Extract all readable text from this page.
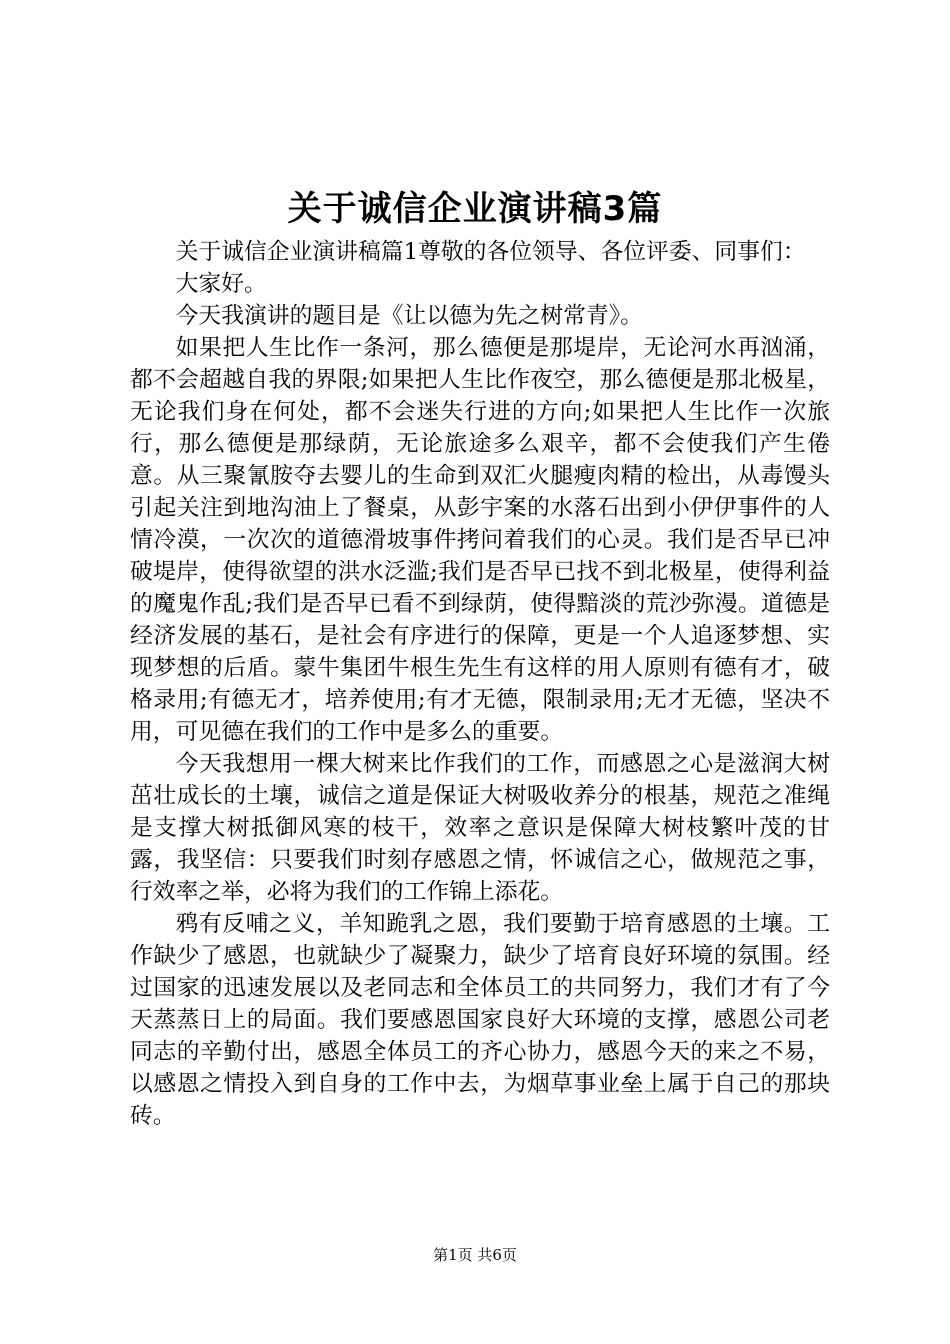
关于诚信企业演讲稿3篇

关于诚信企业演讲稿篇1尊敬的各位领导、各位评委、同事们：

大家好。

今天我演讲的题目是《让以德为先之树常青》。

如果把人生比作一条河，那么德便是那堤岸，无论河水再汹涌，都不会超越自我的界限;如果把人生比作夜空，那么德便是那北极星，无论我们身在何处，都不会迷失行进的方向;如果把人生比作一次旅行，那么德便是那绿荫，无论旅途多么艰辛，都不会使我们产生倦意。从三聚氰胺夺去婴儿的生命到双汇火腿瘦肉精的检出，从毒馒头引起关注到地沟油上了餐桌，从彭宇案的水落石出到小伊伊事件的人情冷漠，一次次的道德滑坡事件拷问着我们的心灵。我们是否早已冲破堤岸，使得欲望的洪水泛滥;我们是否早已找不到北极星，使得利益的魔鬼作乱;我们是否早已看不到绿荫，使得黯淡的荒沙弥漫。道德是经济发展的基石，是社会有序进行的保障，更是一个人追逐梦想、实现梦想的后盾。蒙牛集团牛根生先生有这样的用人原则有德有才，破格录用;有德无才，培养使用;有才无德，限制录用;无才无德，坚决不用，可见德在我们的工作中是多么的重要。

今天我想用一棵大树来比作我们的工作，而感恩之心是滋润大树茁壮成长的土壤，诚信之道是保证大树吸收养分的根基，规范之准绳是支撑大树抵御风寒的枝干，效率之意识是保障大树枝繁叶茂的甘露，我坚信：只要我们时刻存感恩之情，怀诚信之心，做规范之事，行效率之举，必将为我们的工作锦上添花。

鸦有反哺之义，羊知跪乳之恩，我们要勤于培育感恩的土壤。工作缺少了感恩，也就缺少了凝聚力，缺少了培育良好环境的氛围。经过国家的迅速发展以及老同志和全体员工的共同努力，我们才有了今天蒸蒸日上的局面。我们要感恩国家良好大环境的支撑，感恩公司老同志的辛勤付出，感恩全体员工的齐心协力，感恩今天的来之不易，以感恩之情投入到自身的工作中去，为烟草事业垒上属于自己的那块砖。

第1页 共6页
